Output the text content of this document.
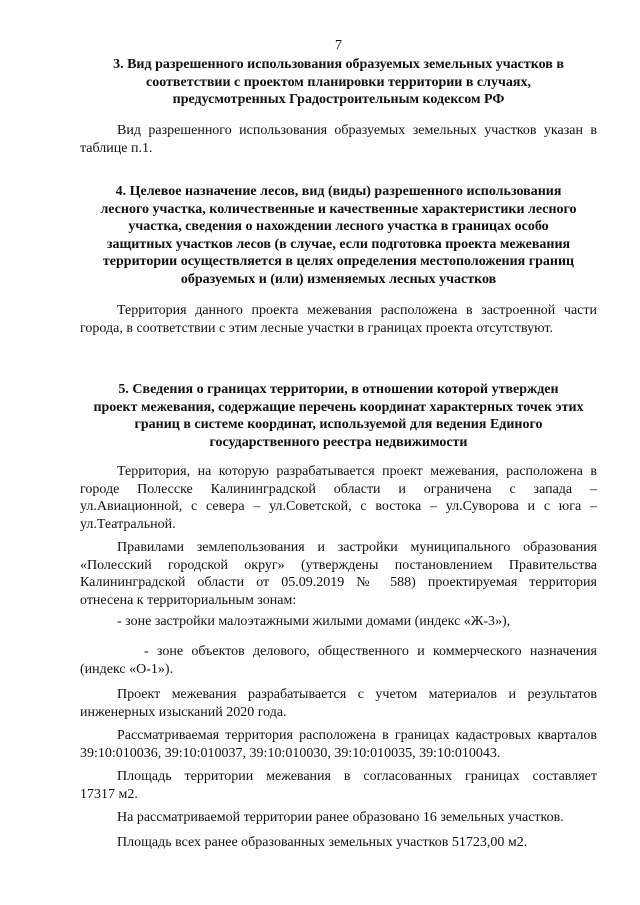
7
3. Вид разрешенного использования образуемых земельных участков в
соответствии с проектом планировки территории в случаях,
предусмотренных Градостроительным кодексом РФ
Вид разрешенного использования образуемых земельных участков указан в
таблице п.1.
4. Целевое назначение лесов, вид (виды) разрешенного использования
лесного участка, количественные и качественные характеристики лесного
участка, сведения о нахождении лесного участка в границах особо
защитных участков лесов (в случае, если подготовка проекта межевания
территории осуществляется в целях определения местоположения границ
образуемых и (или) изменяемых лесных участков
Территория данного проекта межевания расположена в застроенной части
города, в соответствии с этим лесные участки в границах проекта отсутствуют.
5. Сведения о границах территории, в отношении которой утвержден
проект межевания, содержащие перечень координат характерных точек этих
границ в системе координат, используемой для ведения Единого
государственного реестра недвижимости
Территория, на которую разрабатывается проект межевания, расположена в
городе Полесске Калининградской области и ограничена с запада –
ул.Авиационной, с севера – ул.Советской, с востока – ул.Суворова и с юга –
ул.Театральной.
Правилами землепользования и застройки муниципального образования
«Полесский городской округ» (утверждены постановлением Правительства
Калининградской области от 05.09.2019 № 588) проектируемая территория
отнесена к территориальным зонам:
- зоне застройки малоэтажными жилыми домами (индекс «Ж-3»),
- зоне объектов делового, общественного и коммерческого назначения
(индекс «О-1»).
Проект межевания разрабатывается с учетом материалов и результатов
инженерных изысканий 2020 года.
Рассматриваемая территория расположена в границах кадастровых кварталов
39:10:010036, 39:10:010037, 39:10:010030, 39:10:010035, 39:10:010043.
Площадь территории межевания в согласованных границах составляет
17317 м2.
На рассматриваемой территории ранее образовано 16 земельных участков.
Площадь всех ранее образованных земельных участков 51723,00 м2.
